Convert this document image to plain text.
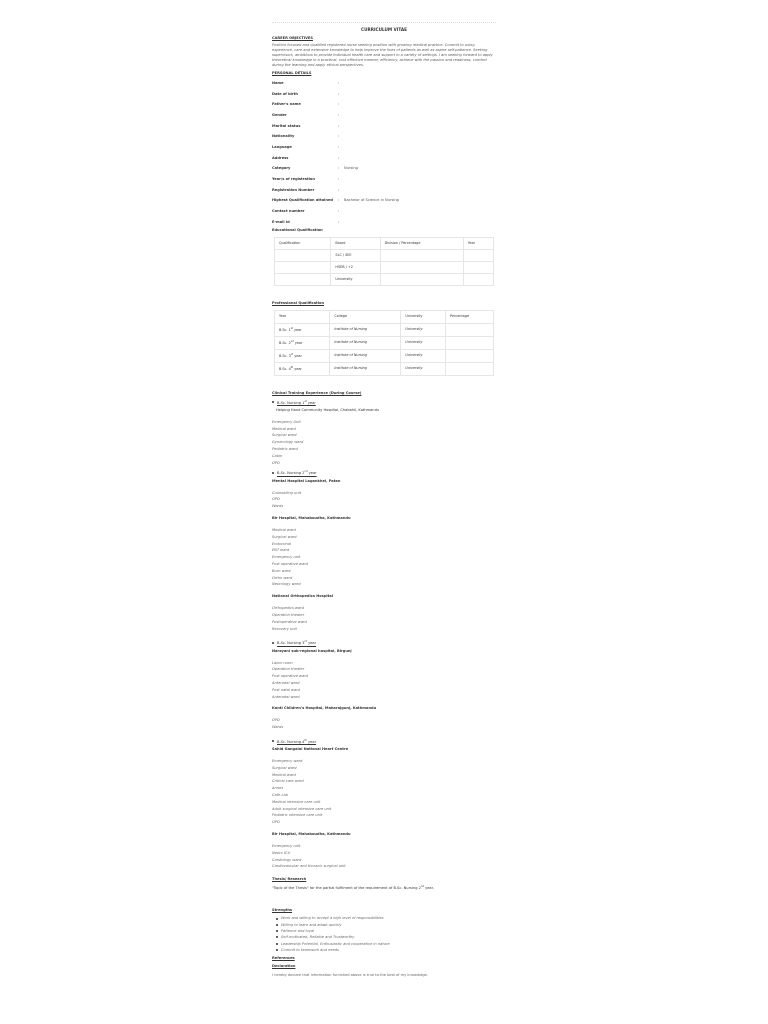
CURRICULUM VITAE
CAREER OBJECTIVES
Position focused and qualified registered nurse seeking position with growing medical practice. Commit to using experience, care and extensive knowledge to help improve the lives of patients as well as aspire self-patience. Seeking supervisors, ambitious to provide individual health care and support in a variety of settings. I am seeking forward to apply theoretical knowledge in a practical, cost effective manner, efficiency, achieve with the passion and readiness, comfort during the learning and apply ethical perspectives.
PERSONAL DETAILS
Name	:
Date of birth	:
Father's name	:
Gender	:
Marital status	:
Nationality	:
Language	:
Address	:
Category	:	Nursing
Year/s of registration	:
Registration Number	:
Highest Qualification attained	:	Bachelor of Science in Nursing
Contact number	:
E-mail id	:
Educational Qualification
Qualification	Board	Division / Percentage	Year
	SLC / SEE		
	HSEB / +2		
	University		
Professional Qualification
Year	College	University	Percentage
B.Sc. 1st year	Institute of Nursing	University	
B.Sc. 2nd year	Institute of Nursing	University	
B.Sc. 3rd year	Institute of Nursing	University	
B.Sc. 4th year	Institute of Nursing	University	
Clinical Training Experience (During Course)
B.Sc. Nursing 1st year
Helping Hand Community Hospital, Chabahil, Kathmandu
Emergency Unit
Medical ward
Surgical ward
Gynecology ward
Pediatric ward
Cabin
OPD
B.Sc. Nursing 2nd year
Mental Hospital Lagankhel, Patan
Counselling unit
OPD
Wards
Bir Hospital, Mahaboudha, Kathmandu
Medical ward
Surgical ward
Endocrinal
ENT ward
Emergency unit
Post operative ward
Burn ward
Ortho ward
Neurology ward
National Orthopedics Hospital
Orthopedics ward
Operation theater
Postoperative ward
Recovery unit
B.Sc. Nursing 3rd year
Narayani sub-regional hospital, Birgunj
Labor room
Operation theater
Post operative ward
Antenatal ward
Post natal ward
Antenatal ward
Kanti Children's Hospital, Maharajgunj, Kathmandu
OPD
Wards
B.Sc. Nursing 4th year
Sahid Gangalal National Heart Centre
Emergency ward
Surgical ward
Medical ward
Critical care ward
Annex
Cath Lab
Medical intensive care unit
Adult surgical intensive care unit
Pediatric intensive care unit
OPD
Bir Hospital, Mahaboudha, Kathmandu
Emergency unit
Neuro ICU
Cardiology ward
Cardiovascular and thoracic surgical unit
Thesis/ Research
"Topic of the Thesis" for the partial fulfilment of the requirement of B.Sc. Nursing 2nd year.
Strengths
Work and willing to accept a high level of responsibilities
Willing to learn and adapt quickly
Patience and loyal
Self-motivated, Reliable and Trustworthy
Leadership Potential, Enthusiastic and cooperative in nature
Commit to teamwork and needs
References
Declaration
I hereby declare that information furnished above is true to the best of my knowledge.
